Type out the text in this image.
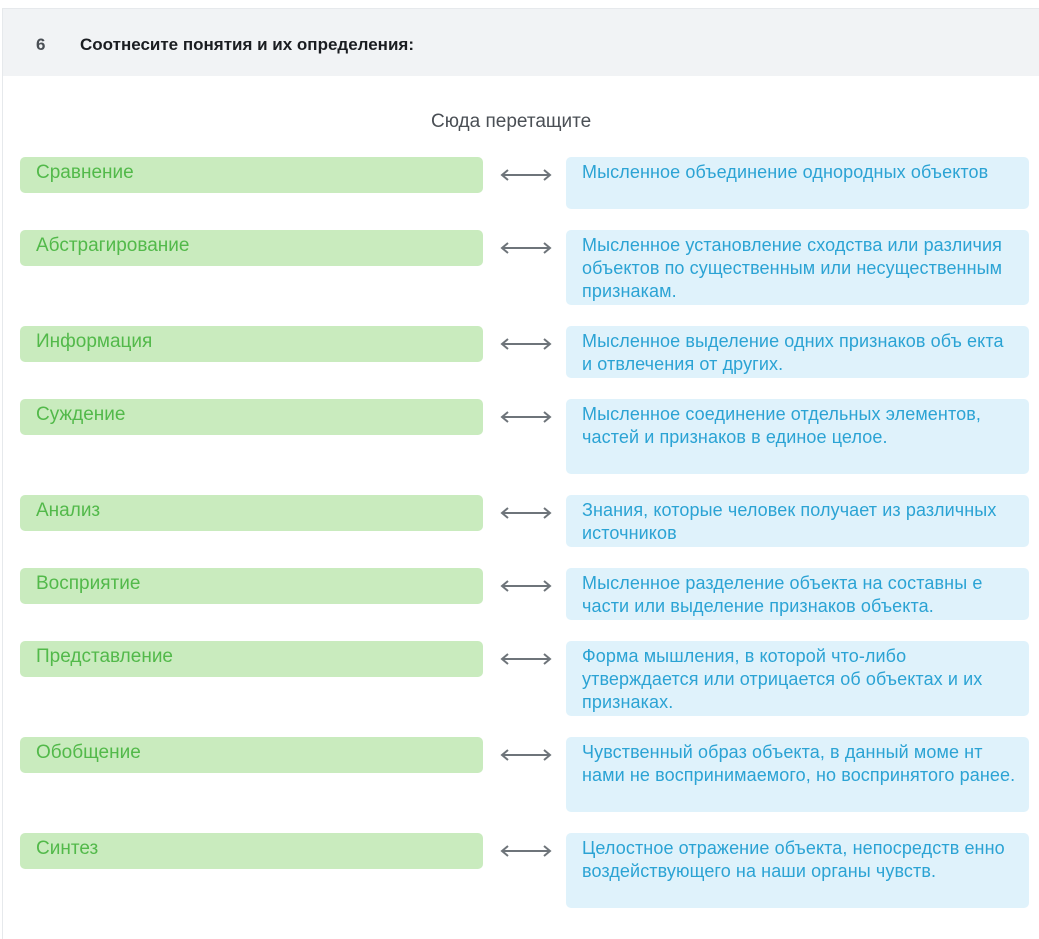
6 Соотнесите понятия и их определения:
Сюда перетащите
Сравнение	Мысленное объединение однородных объектов
Абстрагирование	Мысленное установление сходства или различия объектов по существенным или несущественным признакам.
Информация	Мысленное выделение одних признаков объ екта и отвлечения от других.
Суждение	Мысленное соединение отдельных элементов, частей и признаков в единое целое.
Анализ	Знания, которые человек получает из различных источников
Восприятие	Мысленное разделение объекта на составны е части или выделение признаков объекта.
Представление	Форма мышления, в которой что-либо утверждается или отрицается об объектах и их признаках.
Обобщение	Чувственный образ объекта, в данный моме нт нами не воспринимаемого, но воспринятого ранее.
Синтез	Целостное отражение объекта, непосредств енно воздействующего на наши органы чувств.
